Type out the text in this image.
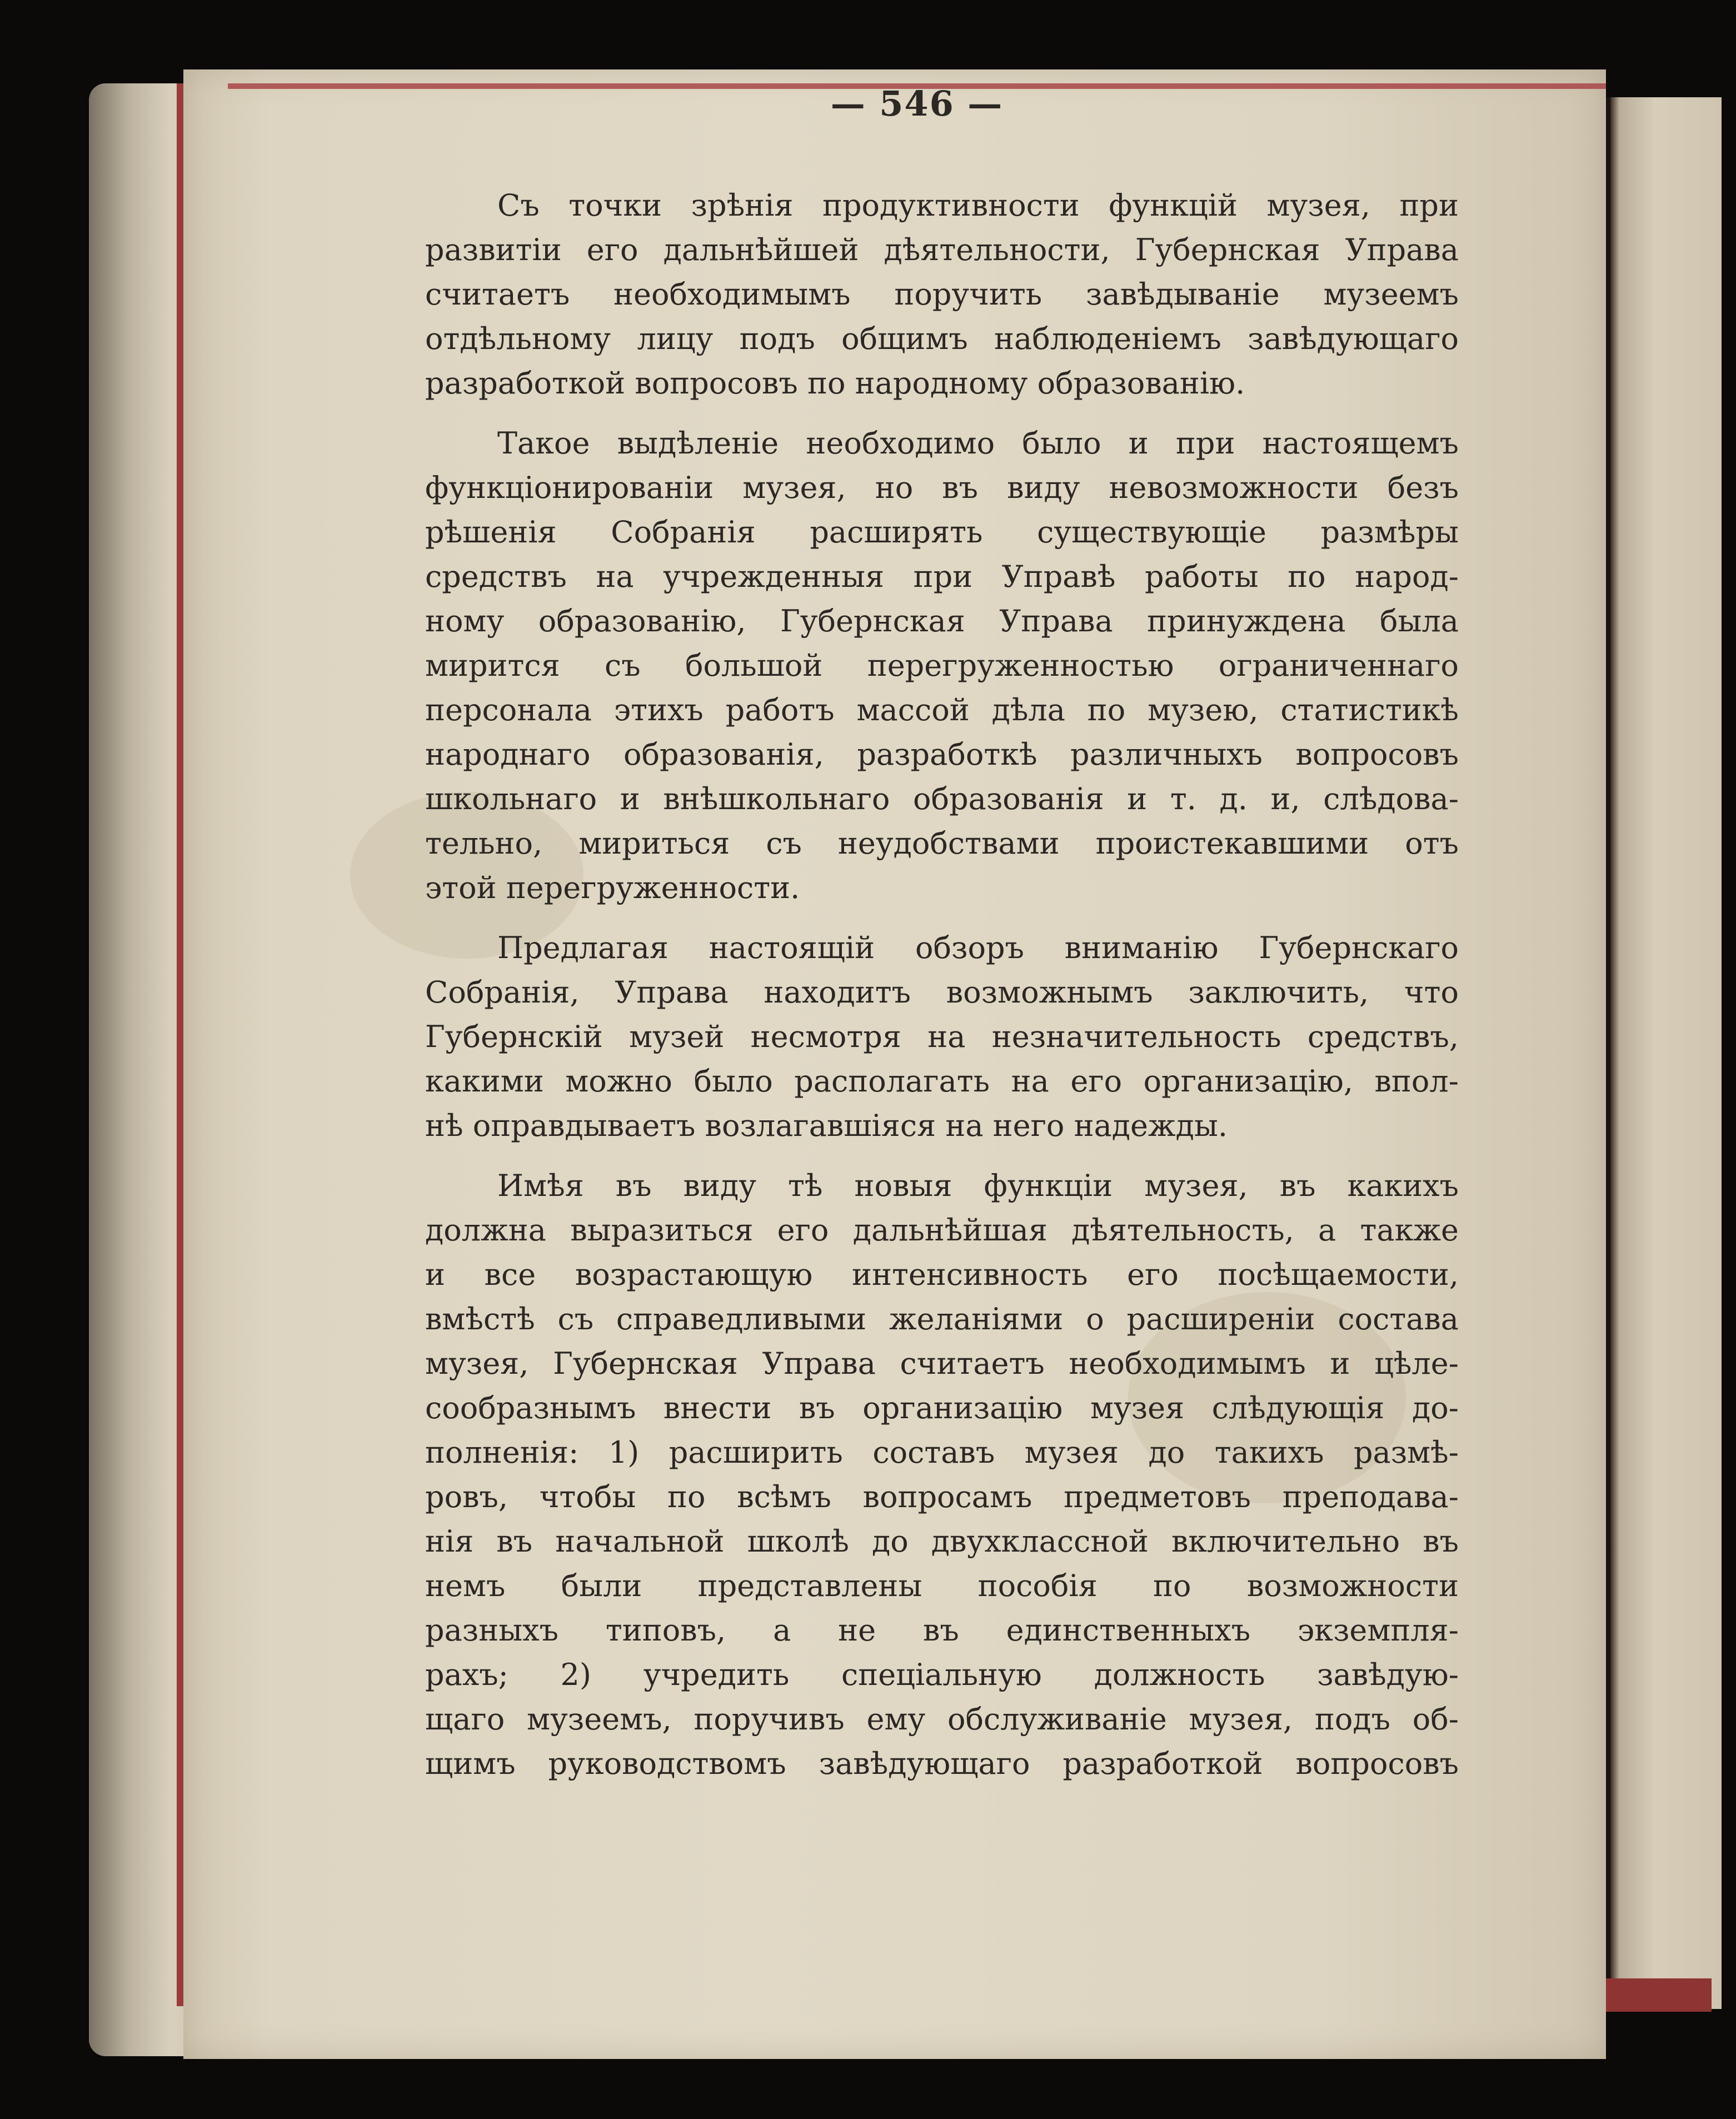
— 546 —
Съ точки зрѣнія продуктивности функцій музея, при
развитіи его дальнѣйшей дѣятельности, Губернская Управа
считаетъ необходимымъ поручить завѣдываніе музеемъ
отдѣльному лицу подъ общимъ наблюденіемъ завѣдующаго
разработкой вопросовъ по народному образованію.
Такое выдѣленіе необходимо было и при настоящемъ
функціонированіи музея, но въ виду невозможности безъ
рѣшенія Собранія расширять существующіе размѣры
средствъ на учрежденныя при Управѣ работы по народ-
ному образованію, Губернская Управа принуждена была
мирится съ большой перегруженностью ограниченнаго
персонала этихъ работъ массой дѣла по музею, статистикѣ
народнаго образованія, разработкѣ различныхъ вопросовъ
школьнаго и внѣшкольнаго образованія и т. д. и, слѣдова-
тельно, мириться съ неудобствами проистекавшими отъ
этой перегруженности.
Предлагая настоящій обзоръ вниманію Губернскаго
Собранія, Управа находитъ возможнымъ заключить, что
Губернскій музей несмотря на незначительность средствъ,
какими можно было располагать на его организацію, впол-
нѣ оправдываетъ возлагавшіяся на него надежды.
Имѣя въ виду тѣ новыя функціи музея, въ какихъ
должна выразиться его дальнѣйшая дѣятельность, а также
и все возрастающую интенсивность его посѣщаемости,
вмѣстѣ съ справедливыми желаніями о расширеніи состава
музея, Губернская Управа считаетъ необходимымъ и цѣле-
сообразнымъ внести въ организацію музея слѣдующія до-
полненія: 1) расширить составъ музея до такихъ размѣ-
ровъ, чтобы по всѣмъ вопросамъ предметовъ преподава-
нія въ начальной школѣ до двухклассной включительно въ
немъ были представлены пособія по возможности
разныхъ типовъ, а не въ единственныхъ экземпля-
рахъ; 2) учредить спеціальную должность завѣдую-
щаго музеемъ, поручивъ ему обслуживаніе музея, подъ об-
щимъ руководствомъ завѣдующаго разработкой вопросовъ
